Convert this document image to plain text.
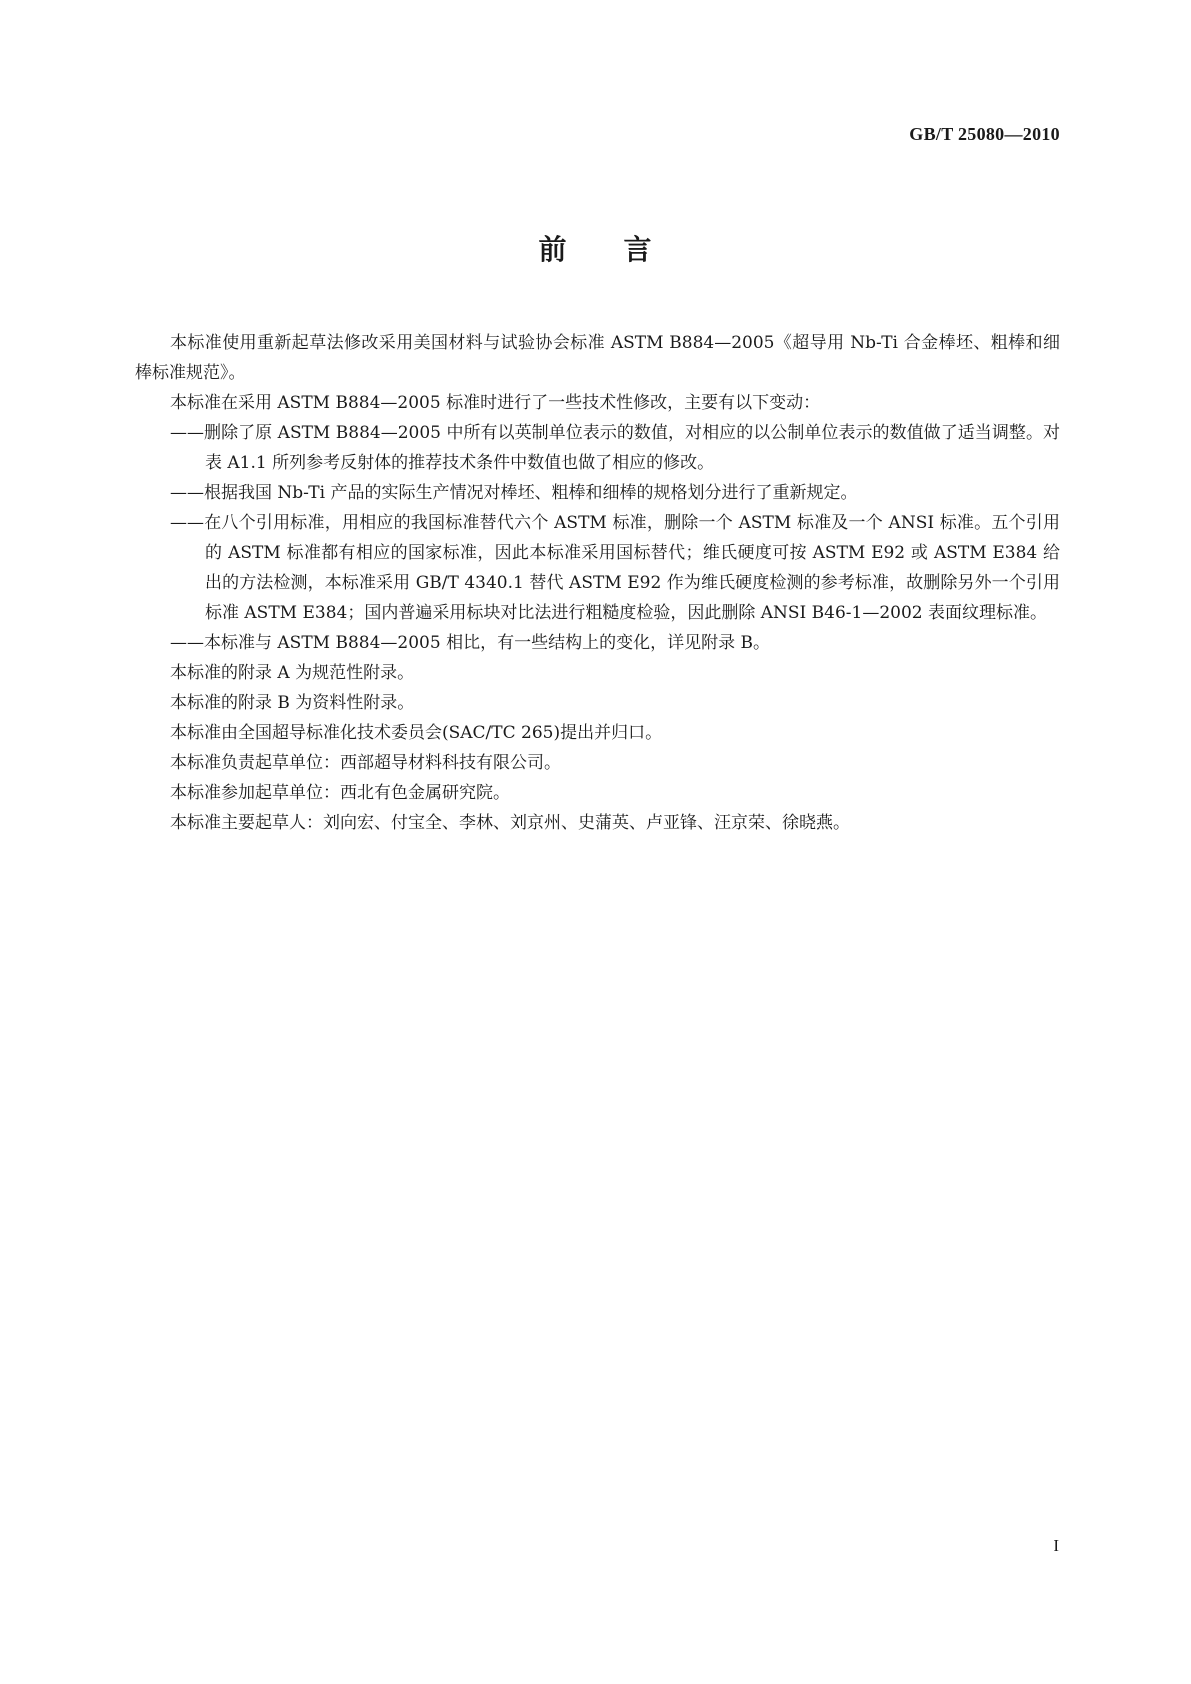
GB/T 25080—2010
前 言

本标准使用重新起草法修改采用美国材料与试验协会标准 ASTM B884—2005《超导用 Nb-Ti 合金棒坯、粗棒和细棒标准规范》。

本标准在采用 ASTM B884—2005 标准时进行了一些技术性修改，主要有以下变动：

——删除了原 ASTM B884—2005 中所有以英制单位表示的数值，对相应的以公制单位表示的数值做了适当调整。对表 A1.1 所列参考反射体的推荐技术条件中数值也做了相应的修改。

——根据我国 Nb-Ti 产品的实际生产情况对棒坯、粗棒和细棒的规格划分进行了重新规定。

——在八个引用标准，用相应的我国标准替代六个 ASTM 标准，删除一个 ASTM 标准及一个 ANSI 标准。五个引用的 ASTM 标准都有相应的国家标准，因此本标准采用国标替代；维氏硬度可按 ASTM E92 或 ASTM E384 给出的方法检测，本标准采用 GB/T 4340.1 替代 ASTM E92 作为维氏硬度检测的参考标准，故删除另外一个引用标准 ASTM E384；国内普遍采用标块对比法进行粗糙度检验，因此删除 ANSI B46-1—2002 表面纹理标准。

——本标准与 ASTM B884—2005 相比，有一些结构上的变化，详见附录 B。

本标准的附录 A 为规范性附录。

本标准的附录 B 为资料性附录。

本标准由全国超导标准化技术委员会(SAC/TC 265)提出并归口。

本标准负责起草单位：西部超导材料科技有限公司。

本标准参加起草单位：西北有色金属研究院。

本标准主要起草人：刘向宏、付宝全、李林、刘京州、史蒲英、卢亚锋、汪京荣、徐晓燕。

I
